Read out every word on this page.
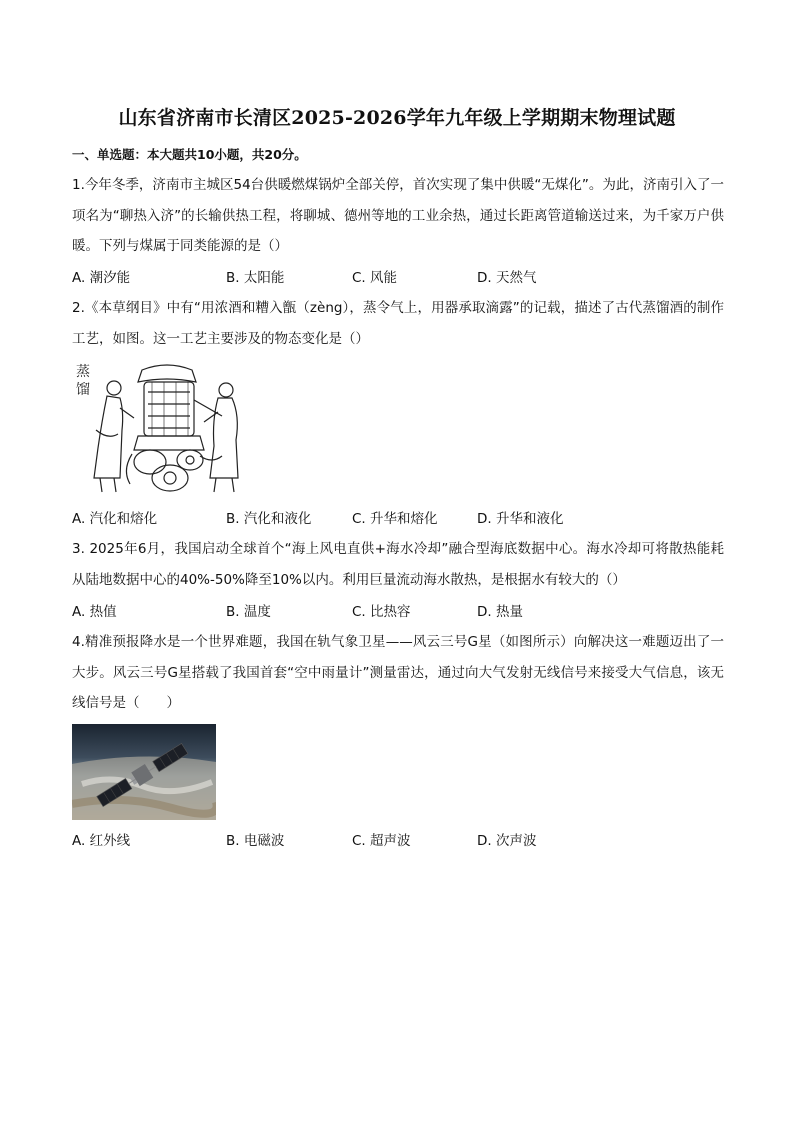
山东省济南市长清区2025-2026学年九年级上学期期末物理试题
一、单选题：本大题共10小题，共20分。
1.今年冬季，济南市主城区54台供暖燃煤锅炉全部关停，首次实现了集中供暖“无煤化”。为此，济南引入了一项名为“聊热入济”的长输供热工程，将聊城、德州等地的工业余热，通过长距离管道输送过来，为千家万户供暖。下列与煤属于同类能源的是（）
A. 潮汐能	B. 太阳能	C. 风能	D. 天然气
2.《本草纲目》中有“用浓酒和糟入甑（zèng），蒸令气上，用器承取滴露”的记载，描述了古代蒸馏酒的制作工艺，如图。这一工艺主要涉及的物态变化是（）
蒸
馏
A. 汽化和熔化	B. 汽化和液化	C. 升华和熔化	D. 升华和液化
3. 2025年6月，我国启动全球首个“海上风电直供+海水冷却”融合型海底数据中心。海水冷却可将散热能耗从陆地数据中心的40%-50%降至10%以内。利用巨量流动海水散热，是根据水有较大的（）
A. 热值	B. 温度	C. 比热容	D. 热量
4.精准预报降水是一个世界难题，我国在轨气象卫星——风云三号G星（如图所示）向解决这一难题迈出了一大步。风云三号G星搭载了我国首套“空中雨量计”测量雷达，通过向大气发射无线信号来接受大气信息，该无线信号是（　　）
A. 红外线	B. 电磁波	C. 超声波	D. 次声波
